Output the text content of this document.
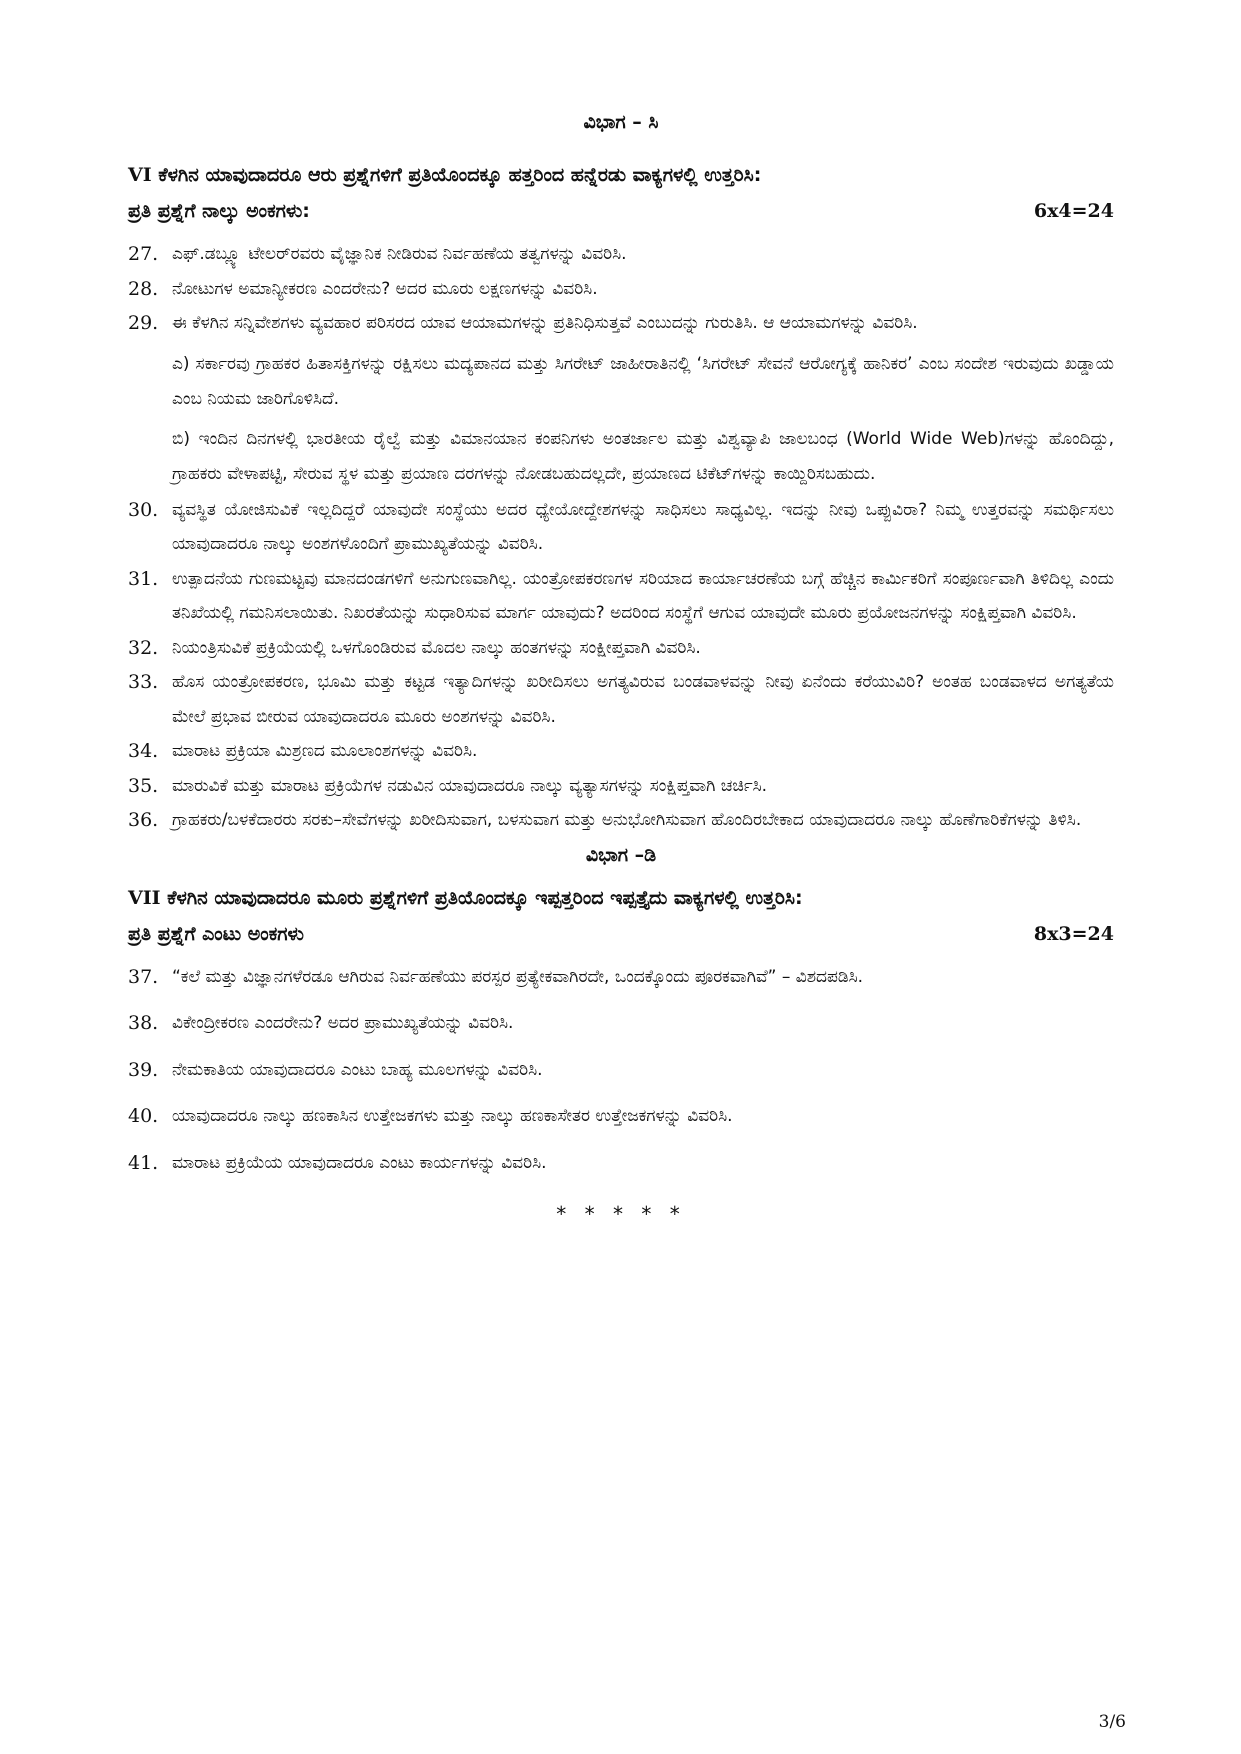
ವಿಭಾಗ – ಸಿ
VI ಕೆಳಗಿನ ಯಾವುದಾದರೂ ಆರು ಪ್ರಶ್ನೆಗಳಿಗೆ ಪ್ರತಿಯೊಂದಕ್ಕೂ ಹತ್ತರಿಂದ ಹನ್ನೆರಡು ವಾಕ್ಯಗಳಲ್ಲಿ ಉತ್ತರಿಸಿ:
ಪ್ರತಿ ಪ್ರಶ್ನೆಗೆ ನಾಲ್ಕು ಅಂಕಗಳು:	6x4=24
27. ಎಫ್.ಡಬ್ಲ್ಯೂ ಟೇಲರ್‌ರವರು ವೈಜ್ಞಾನಿಕ ನೀಡಿರುವ ನಿರ್ವಹಣೆಯ ತತ್ವಗಳನ್ನು ವಿವರಿಸಿ.
28. ನೋಟುಗಳ ಅಮಾನ್ಯೀಕರಣ ಎಂದರೇನು? ಅದರ ಮೂರು ಲಕ್ಷಣಗಳನ್ನು ವಿವರಿಸಿ.
29. ಈ ಕೆಳಗಿನ ಸನ್ನಿವೇಶಗಳು ವ್ಯವಹಾರ ಪರಿಸರದ ಯಾವ ಆಯಾಮಗಳನ್ನು ಪ್ರತಿನಿಧಿಸುತ್ತವೆ ಎಂಬುದನ್ನು ಗುರುತಿಸಿ. ಆ ಆಯಾಮಗಳನ್ನು ವಿವರಿಸಿ.
ಎ) ಸರ್ಕಾರವು ಗ್ರಾಹಕರ ಹಿತಾಸಕ್ತಿಗಳನ್ನು ರಕ್ಷಿಸಲು ಮದ್ಯಪಾನದ ಮತ್ತು ಸಿಗರೇಟ್ ಜಾಹೀರಾತಿನಲ್ಲಿ ‘ಸಿಗರೇಟ್ ಸೇವನೆ ಆರೋಗ್ಯಕ್ಕೆ ಹಾನಿಕರ’ ಎಂಬ ಸಂದೇಶ ಇರುವುದು ಖಡ್ಡಾಯ ಎಂಬ ನಿಯಮ ಜಾರಿಗೊಳಿಸಿದೆ.
ಬಿ) ಇಂದಿನ ದಿನಗಳಲ್ಲಿ ಭಾರತೀಯ ರೈಲ್ವೆ ಮತ್ತು ವಿಮಾನಯಾನ ಕಂಪನಿಗಳು ಅಂತರ್ಜಾಲ ಮತ್ತು ವಿಶ್ವವ್ಯಾಪಿ ಜಾಲಬಂಧ (World Wide Web)ಗಳನ್ನು ಹೊಂದಿದ್ದು, ಗ್ರಾಹಕರು ವೇಳಾಪಟ್ಟಿ, ಸೇರುವ ಸ್ಥಳ ಮತ್ತು ಪ್ರಯಾಣ ದರಗಳನ್ನು ನೋಡಬಹುದಲ್ಲದೇ, ಪ್ರಯಾಣದ ಟಿಕೆಟ್‌ಗಳನ್ನು ಕಾಯ್ದಿರಿಸಬಹುದು.
30. ವ್ಯವಸ್ಥಿತ ಯೋಜಿಸುವಿಕೆ ಇಲ್ಲದಿದ್ದರೆ ಯಾವುದೇ ಸಂಸ್ಥೆಯು ಅದರ ಧ್ಯೇಯೋದ್ದೇಶಗಳನ್ನು ಸಾಧಿಸಲು ಸಾಧ್ಯವಿಲ್ಲ. ಇದನ್ನು ನೀವು ಒಪ್ಪುವಿರಾ? ನಿಮ್ಮ ಉತ್ತರವನ್ನು ಸಮರ್ಥಿಸಲು ಯಾವುದಾದರೂ ನಾಲ್ಕು ಅಂಶಗಳೊಂದಿಗೆ ಪ್ರಾಮುಖ್ಯತೆಯನ್ನು ವಿವರಿಸಿ.
31. ಉತ್ಪಾದನೆಯ ಗುಣಮಟ್ಟವು ಮಾನದಂಡಗಳಿಗೆ ಅನುಗುಣವಾಗಿಲ್ಲ. ಯಂತ್ರೋಪಕರಣಗಳ ಸರಿಯಾದ ಕಾರ್ಯಾಚರಣೆಯ ಬಗ್ಗೆ ಹೆಚ್ಚಿನ ಕಾರ್ಮಿಕರಿಗೆ ಸಂಪೂರ್ಣವಾಗಿ ತಿಳಿದಿಲ್ಲ ಎಂದು ತನಿಖೆಯಲ್ಲಿ ಗಮನಿಸಲಾಯಿತು. ನಿಖರತೆಯನ್ನು ಸುಧಾರಿಸುವ ಮಾರ್ಗ ಯಾವುದು? ಅದರಿಂದ ಸಂಸ್ಥೆಗೆ ಆಗುವ ಯಾವುದೇ ಮೂರು ಪ್ರಯೋಜನಗಳನ್ನು ಸಂಕ್ಷಿಪ್ತವಾಗಿ ವಿವರಿಸಿ.
32. ನಿಯಂತ್ರಿಸುವಿಕೆ ಪ್ರಕ್ರಿಯೆಯಲ್ಲಿ ಒಳಗೊಂಡಿರುವ ಮೊದಲ ನಾಲ್ಕು ಹಂತಗಳನ್ನು ಸಂಕ್ಷೀಪ್ತವಾಗಿ ವಿವರಿಸಿ.
33. ಹೊಸ ಯಂತ್ರೋಪಕರಣ, ಭೂಮಿ ಮತ್ತು ಕಟ್ಟಡ ಇತ್ಯಾದಿಗಳನ್ನು ಖರೀದಿಸಲು ಅಗತ್ಯವಿರುವ ಬಂಡವಾಳವನ್ನು ನೀವು ಏನೆಂದು ಕರೆಯುವಿರಿ? ಅಂತಹ ಬಂಡವಾಳದ ಅಗತ್ಯತೆಯ ಮೇಲೆ ಪ್ರಭಾವ ಬೀರುವ ಯಾವುದಾದರೂ ಮೂರು ಅಂಶಗಳನ್ನು ವಿವರಿಸಿ.
34. ಮಾರಾಟ ಪ್ರಕ್ರಿಯಾ ಮಿಶ್ರಣದ ಮೂಲಾಂಶಗಳನ್ನು ವಿವರಿಸಿ.
35. ಮಾರುವಿಕೆ ಮತ್ತು ಮಾರಾಟ ಪ್ರಕ್ರಿಯೆಗಳ ನಡುವಿನ ಯಾವುದಾದರೂ ನಾಲ್ಕು ವ್ಯತ್ಯಾಸಗಳನ್ನು ಸಂಕ್ಷಿಪ್ತವಾಗಿ ಚರ್ಚಿಸಿ.
36. ಗ್ರಾಹಕರು/ಬಳಕೆದಾರರು ಸರಕು–ಸೇವೆಗಳನ್ನು ಖರೀದಿಸುವಾಗ, ಬಳಸುವಾಗ ಮತ್ತು ಅನುಭೋಗಿಸುವಾಗ ಹೊಂದಿರಬೇಕಾದ ಯಾವುದಾದರೂ ನಾಲ್ಕು ಹೊಣೆಗಾರಿಕೆಗಳನ್ನು ತಿಳಿಸಿ.
ವಿಭಾಗ –ಡಿ
VII ಕೆಳಗಿನ ಯಾವುದಾದರೂ ಮೂರು ಪ್ರಶ್ನೆಗಳಿಗೆ ಪ್ರತಿಯೊಂದಕ್ಕೂ ಇಪ್ಪತ್ತರಿಂದ ಇಪ್ಪತ್ತೈದು ವಾಕ್ಯಗಳಲ್ಲಿ ಉತ್ತರಿಸಿ:
ಪ್ರತಿ ಪ್ರಶ್ನೆಗೆ ಎಂಟು ಅಂಕಗಳು	8x3=24
37. “ಕಲೆ ಮತ್ತು ವಿಜ್ಞಾನಗಳೆರಡೂ ಆಗಿರುವ ನಿರ್ವಹಣೆಯು ಪರಸ್ಪರ ಪ್ರತ್ಯೇಕವಾಗಿರದೇ, ಒಂದಕ್ಕೊಂದು ಪೂರಕವಾಗಿವೆ” – ವಿಶದಪಡಿಸಿ.
38. ವಿಕೇಂದ್ರೀಕರಣ ಎಂದರೇನು? ಅದರ ಪ್ರಾಮುಖ್ಯತೆಯನ್ನು ವಿವರಿಸಿ.
39. ನೇಮಕಾತಿಯ ಯಾವುದಾದರೂ ಎಂಟು ಬಾಹ್ಯ ಮೂಲಗಳನ್ನು ವಿವರಿಸಿ.
40. ಯಾವುದಾದರೂ ನಾಲ್ಕು ಹಣಕಾಸಿನ ಉತ್ತೇಜಕಗಳು ಮತ್ತು ನಾಲ್ಕು ಹಣಕಾಸೇತರ ಉತ್ತೇಜಕಗಳನ್ನು ವಿವರಿಸಿ.
41. ಮಾರಾಟ ಪ್ರಕ್ರಿಯೆಯ ಯಾವುದಾದರೂ ಎಂಟು ಕಾರ್ಯಗಳನ್ನು ವಿವರಿಸಿ.
* * * * *
3/6
